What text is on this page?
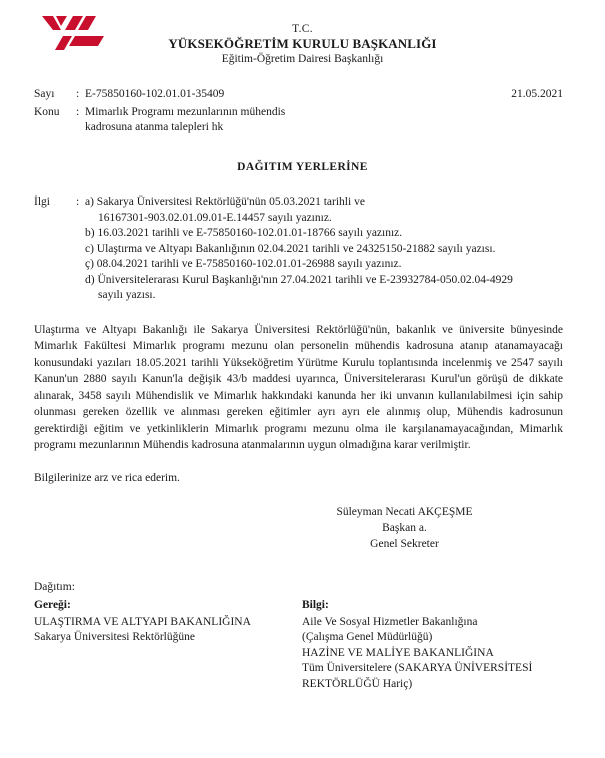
T.C.
YÜKSEKÖĞRETİM KURULU BAŞKANLIĞI
Eğitim-Öğretim Dairesi Başkanlığı
21.05.2021
Sayı	: E-75850160-102.01.01-35409
Konu	: Mimarlık Programı mezunlarının mühendis
kadrosuna atanma talepleri hk
DAĞITIM YERLERİNE
İlgi	: a) Sakarya Üniversitesi Rektörlüğü'nün 05.03.2021 tarihli ve
16167301-903.02.01.09.01-E.14457 sayılı yazınız.
b) 16.03.2021 tarihli ve E-75850160-102.01.01-18766 sayılı yazınız.
c) Ulaştırma ve Altyapı Bakanlığının 02.04.2021 tarihli ve 24325150-21882 sayılı yazısı.
ç) 08.04.2021 tarihli ve E-75850160-102.01.01-26988 sayılı yazınız.
d) Üniversitelerarası Kurul Başkanlığı'nın 27.04.2021 tarihli ve E-23932784-050.02.04-4929
sayılı yazısı.
Ulaştırma ve Altyapı Bakanlığı ile Sakarya Üniversitesi Rektörlüğü'nün, bakanlık ve üniversite bünyesinde Mimarlık Fakültesi Mimarlık programı mezunu olan personelin mühendis kadrosuna atanıp atanamayacağı konusundaki yazıları 18.05.2021 tarihli Yükseköğretim Yürütme Kurulu toplantısında incelenmiş ve 2547 sayılı Kanun'un 2880 sayılı Kanun'la değişik 43/b maddesi uyarınca, Üniversitelerarası Kurul'un görüşü de dikkate alınarak, 3458 sayılı Mühendislik ve Mimarlık hakkındaki kanunda her iki unvanın kullanılabilmesi için sahip olunması gereken özellik ve alınması gereken eğitimler ayrı ayrı ele alınmış olup, Mühendis kadrosunun gerektirdiği eğitim ve yetkinliklerin Mimarlık programı mezunu olma ile karşılanamayacağından, Mimarlık programı mezunlarının Mühendis kadrosuna atanmalarının uygun olmadığına karar verilmiştir.
Bilgilerinize arz ve rica ederim.
Süleyman Necati AKÇEŞME
Başkan a.
Genel Sekreter
Dağıtım:
Gereği:
ULAŞTIRMA VE ALTYAPI BAKANLIĞINA
Sakarya Üniversitesi Rektörlüğüne
Bilgi:
Aile Ve Sosyal Hizmetler Bakanlığına
(Çalışma Genel Müdürlüğü)
HAZİNE VE MALİYE BAKANLIĞINA
Tüm Üniversitelere (SAKARYA ÜNİVERSİTESİ
REKTÖRLÜĞÜ Hariç)
